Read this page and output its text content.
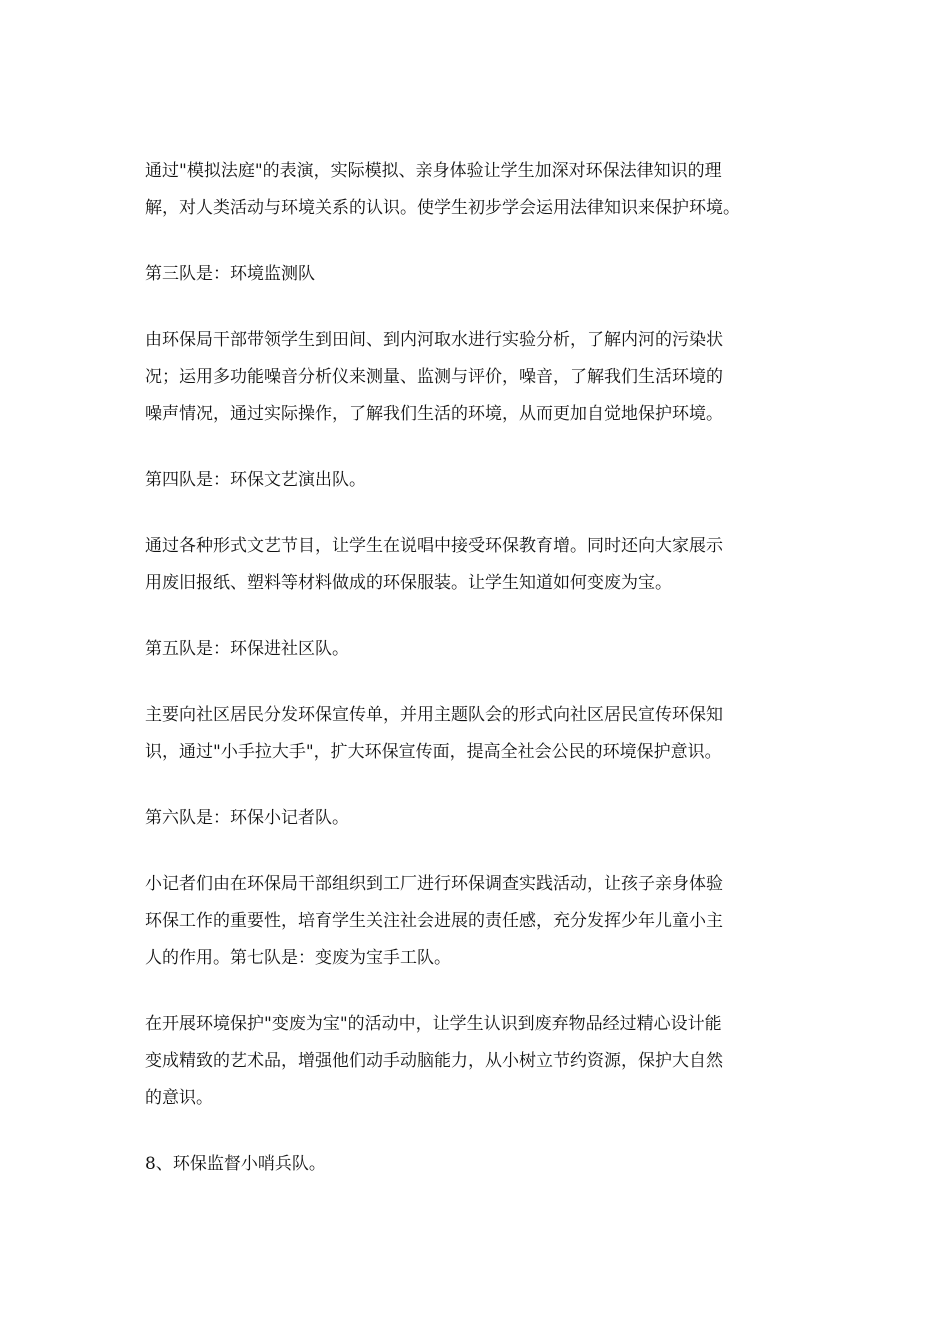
通过"模拟法庭"的表演，实际模拟、亲身体验让学生加深对环保法律知识的理
解，对人类活动与环境关系的认识。使学生初步学会运用法律知识来保护环境。

第三队是：环境监测队

由环保局干部带领学生到田间、到内河取水进行实验分析，了解内河的污染状
况；运用多功能噪音分析仪来测量、监测与评价，噪音，了解我们生活环境的
噪声情况，通过实际操作，了解我们生活的环境，从而更加自觉地保护环境。

第四队是：环保文艺演出队。

通过各种形式文艺节目，让学生在说唱中接受环保教育增。同时还向大家展示
用废旧报纸、塑料等材料做成的环保服装。让学生知道如何变废为宝。

第五队是：环保进社区队。

主要向社区居民分发环保宣传单，并用主题队会的形式向社区居民宣传环保知
识，通过"小手拉大手"，扩大环保宣传面，提高全社会公民的环境保护意识。

第六队是：环保小记者队。

小记者们由在环保局干部组织到工厂进行环保调查实践活动，让孩子亲身体验
环保工作的重要性，培育学生关注社会进展的责任感，充分发挥少年儿童小主
人的作用。第七队是：变废为宝手工队。

在开展环境保护"变废为宝"的活动中，让学生认识到废弃物品经过精心设计能
变成精致的艺术品，增强他们动手动脑能力，从小树立节约资源，保护大自然
的意识。

8、环保监督小哨兵队。
